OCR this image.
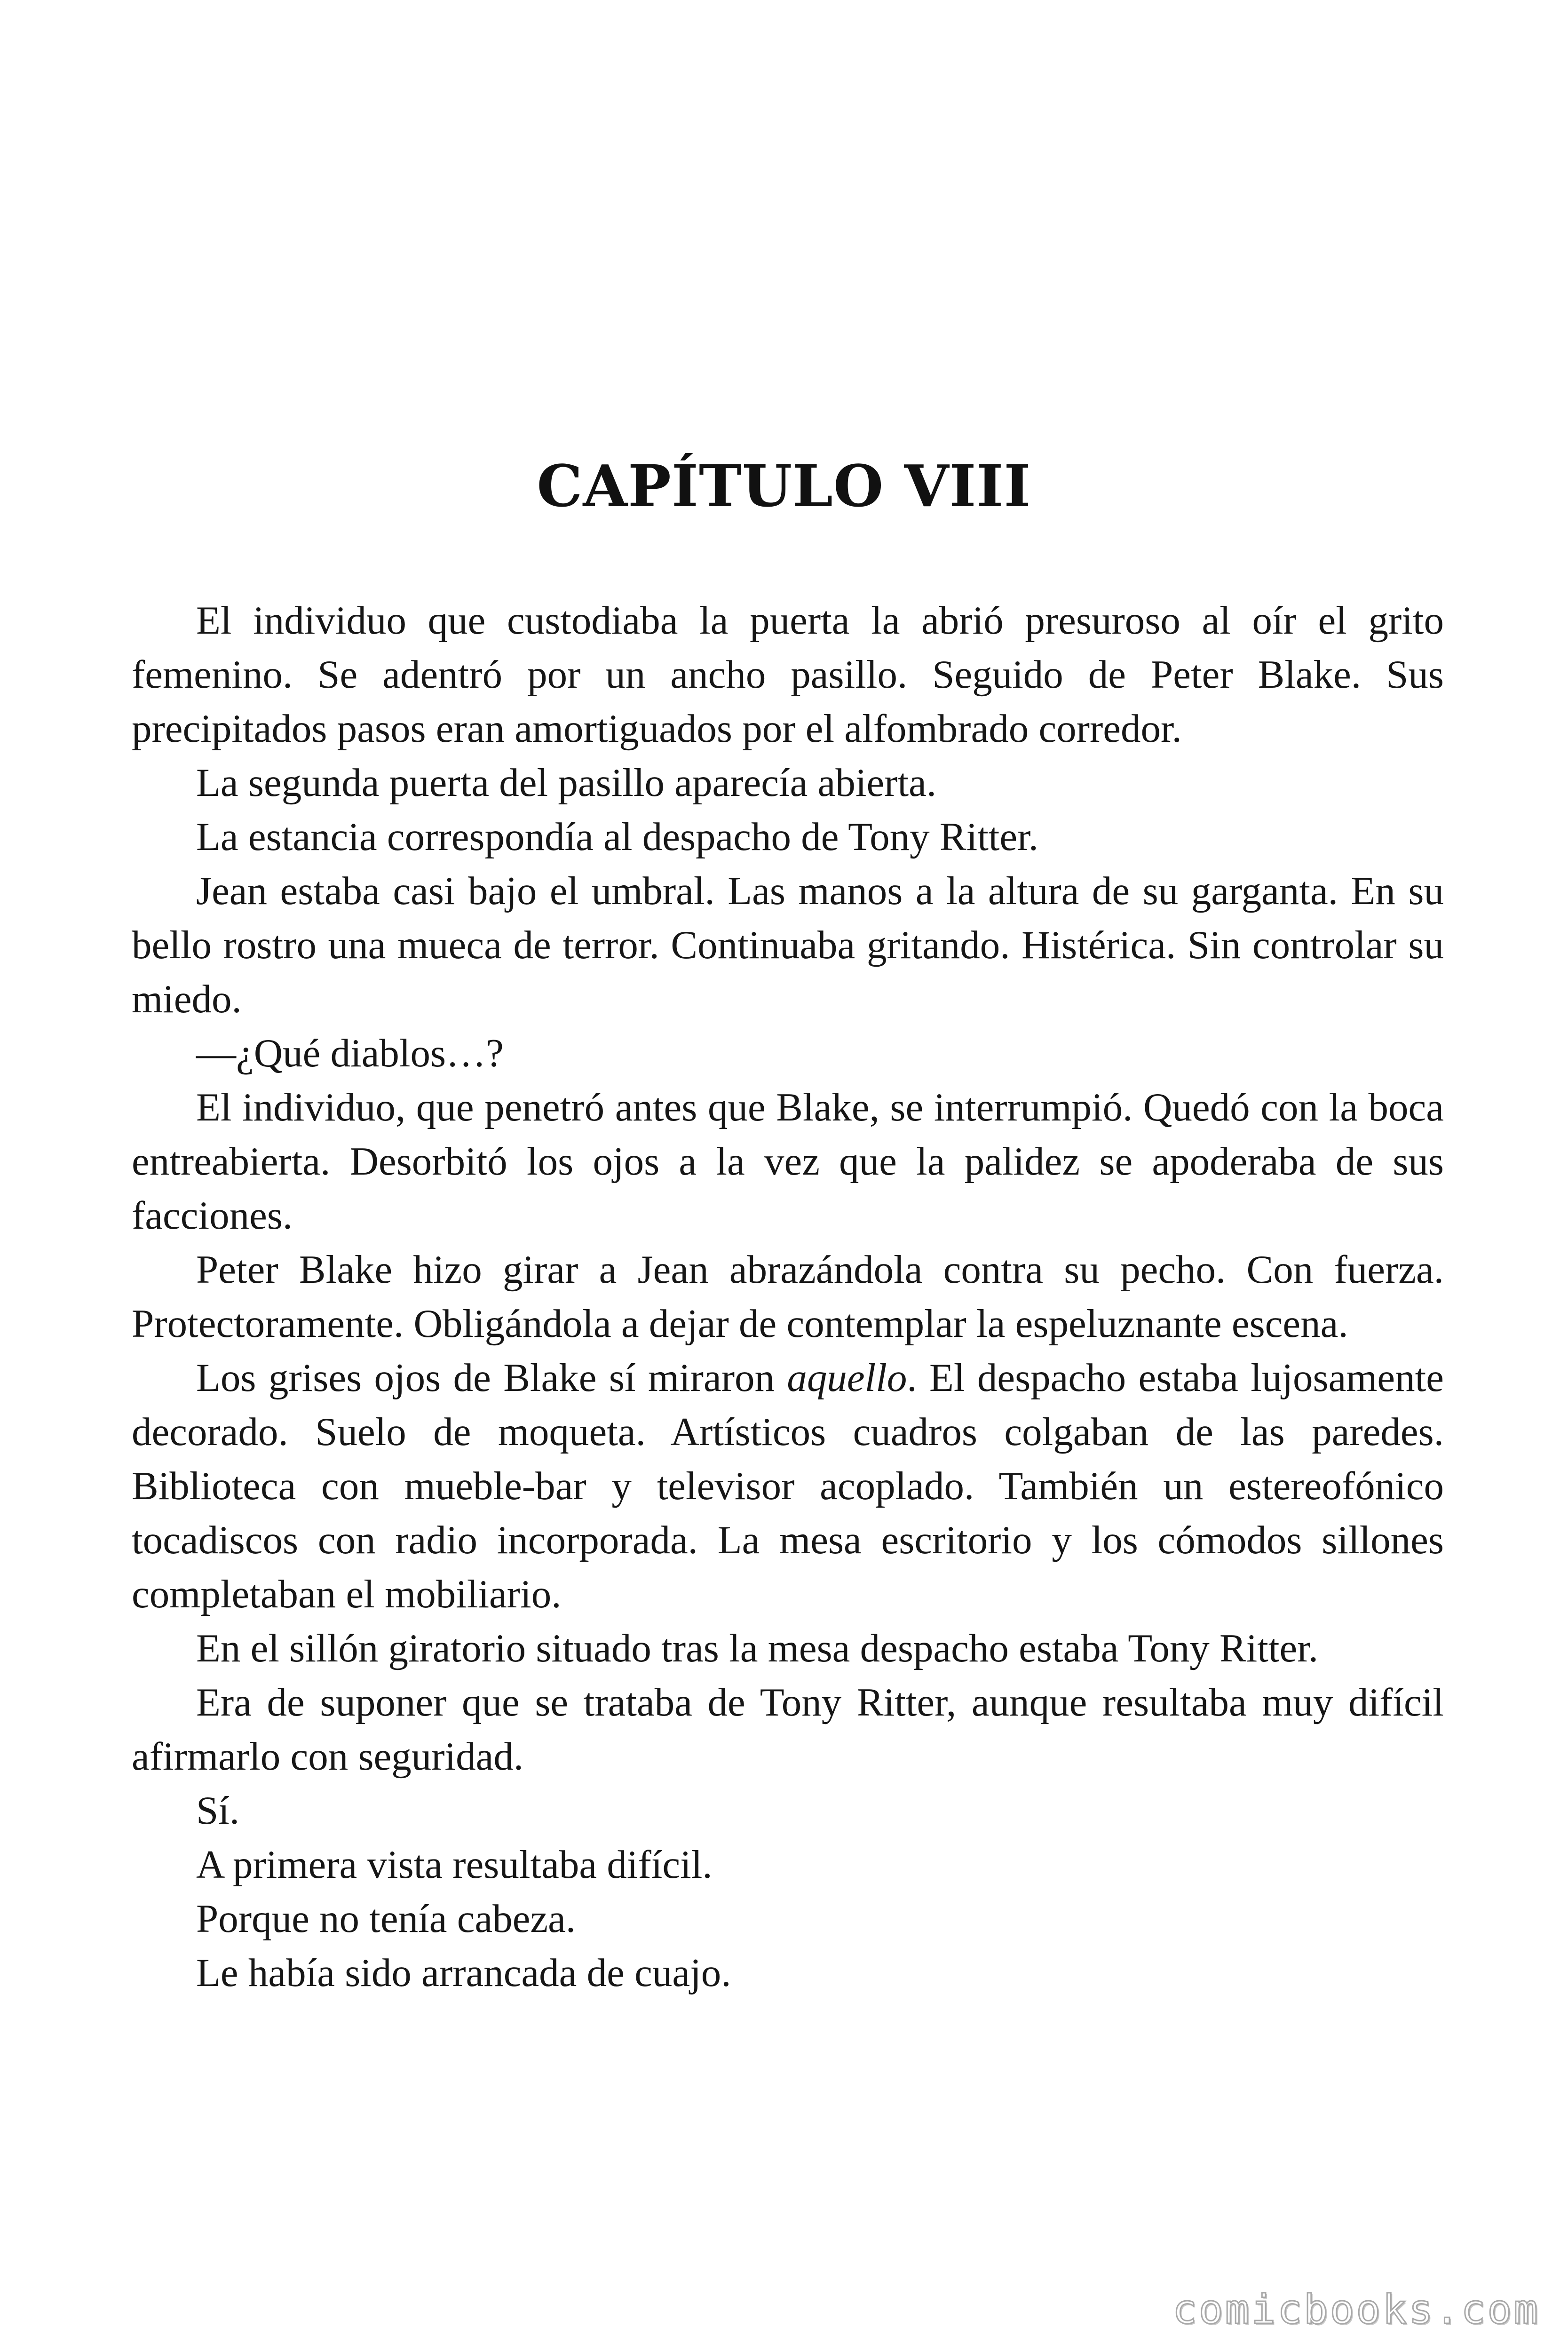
CAPÍTULO VIII

El individuo que custodiaba la puerta la abrió presuroso al oír el grito femenino. Se adentró por un ancho pasillo. Seguido de Peter Blake. Sus precipitados pasos eran amortiguados por el alfombrado corredor.

La segunda puerta del pasillo aparecía abierta.

La estancia correspondía al despacho de Tony Ritter.

Jean estaba casi bajo el umbral. Las manos a la altura de su garganta. En su bello rostro una mueca de terror. Continuaba gritando. Histérica. Sin controlar su miedo.

—¿Qué diablos…?

El individuo, que penetró antes que Blake, se interrumpió. Quedó con la boca entreabierta. Desorbitó los ojos a la vez que la palidez se apoderaba de sus facciones.

Peter Blake hizo girar a Jean abrazándola contra su pecho. Con fuerza. Protectoramente. Obligándola a dejar de contemplar la espeluznante escena.

Los grises ojos de Blake sí miraron aquello. El despacho estaba lujosamente decorado. Suelo de moqueta. Artísticos cuadros colgaban de las paredes. Biblioteca con mueble-bar y televisor acoplado. También un estereofónico tocadiscos con radio incorporada. La mesa escritorio y los cómodos sillones completaban el mobiliario.

En el sillón giratorio situado tras la mesa despacho estaba Tony Ritter.

Era de suponer que se trataba de Tony Ritter, aunque resultaba muy difícil afirmarlo con seguridad.

Sí.

A primera vista resultaba difícil.

Porque no tenía cabeza.

Le había sido arrancada de cuajo.

comicbooks.com
